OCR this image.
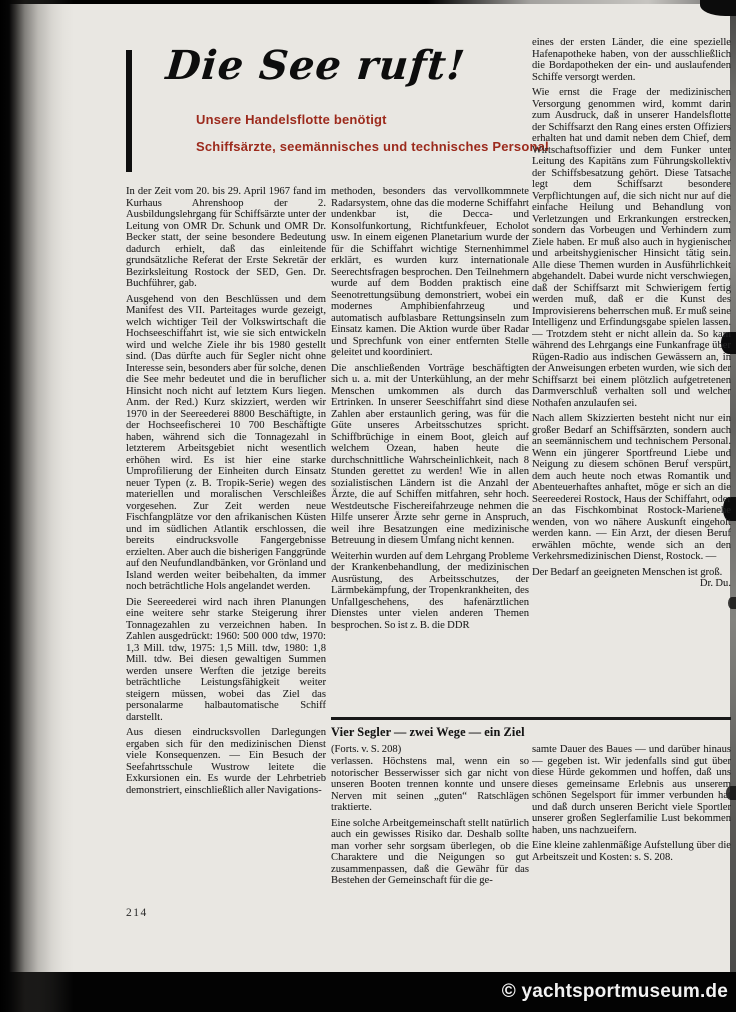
Die See ruft!

Unsere Handelsflotte benötigt

Schiffsärzte, seemännisches und technisches Personal

In der Zeit vom 20. bis 29. April 1967 fand im Kurhaus Ahrenshoop der 2. Ausbildungslehrgang für Schiffsärzte unter der Leitung von OMR Dr. Schunk und OMR Dr. Becker statt, der seine besondere Bedeutung dadurch erhielt, daß das einleitende grundsätzliche Referat der Erste Sekretär der Bezirksleitung Rostock der SED, Gen. Dr. Buchführer, gab.

Ausgehend von den Beschlüssen und dem Manifest des VII. Parteitages wurde gezeigt, welch wichtiger Teil der Volkswirtschaft die Hochseeschiffahrt ist, wie sie sich entwickeln wird und welche Ziele ihr bis 1980 gestellt sind. (Das dürfte auch für Segler nicht ohne Interesse sein, besonders aber für solche, denen die See mehr bedeutet und die in beruflicher Hinsicht noch nicht auf letztem Kurs liegen. Anm. der Red.) Kurz skizziert, werden wir 1970 in der Seereederei 8800 Beschäftigte, in der Hochseefischerei 10 700 Beschäftigte haben, während sich die Tonnagezahl in letzterem Arbeitsgebiet nicht wesentlich erhöhen wird. Es ist hier eine starke Umprofilierung der Einheiten durch Einsatz neuer Typen (z. B. Tropik-Serie) wegen des materiellen und moralischen Verschleißes vorgesehen. Zur Zeit werden neue Fischfangplätze vor den afrikanischen Küsten und im südlichen Atlantik erschlossen, die bereits eindrucksvolle Fangergebnisse erzielten. Aber auch die bisherigen Fanggründe auf den Neufundlandbänken, vor Grönland und Island werden weiter beibehalten, da immer noch beträchtliche Hols angelandet werden.

Die Seereederei wird nach ihren Planungen eine weitere sehr starke Steigerung ihrer Tonnagezahlen zu verzeichnen haben. In Zahlen ausgedrückt: 1960: 500 000 tdw, 1970: 1,3 Mill. tdw, 1975: 1,5 Mill. tdw, 1980: 1,8 Mill. tdw. Bei diesen gewaltigen Summen werden unsere Werften die jetzige bereits beträchtliche Leistungsfähigkeit weiter steigern müssen, wobei das Ziel das personalarme halbautomatische Schiff darstellt.

Aus diesen eindrucksvollen Darlegungen ergaben sich für den medizinischen Dienst viele Konsequenzen. — Ein Besuch der Seefahrtsschule Wustrow leitete die Exkursionen ein. Es wurde der Lehrbetrieb demonstriert, einschließlich aller Navigations-

methoden, besonders das vervollkommnete Radarsystem, ohne das die moderne Schiffahrt undenkbar ist, die Decca- und Konsolfunkortung, Richtfunkfeuer, Echolot usw. In einem eigenen Planetarium wurde der für die Schiffahrt wichtige Sternenhimmel erklärt, es wurden kurz internationale Seerechtsfragen besprochen. Den Teilnehmern wurde auf dem Bodden praktisch eine Seenotrettungsübung demonstriert, wobei ein modernes Amphibienfahrzeug und automatisch aufblasbare Rettungsinseln zum Einsatz kamen. Die Aktion wurde über Radar und Sprechfunk von einer entfernten Stelle geleitet und koordiniert.

Die anschließenden Vorträge beschäftigten sich u. a. mit der Unterkühlung, an der mehr Menschen umkommen als durch das Ertrinken. In unserer Seeschiffahrt sind diese Zahlen aber erstaunlich gering, was für die Güte unseres Arbeitsschutzes spricht. Schiffbrüchige in einem Boot, gleich auf welchem Ozean, haben heute die durchschnittliche Wahrscheinlichkeit, nach 8 Stunden gerettet zu werden! Wie in allen sozialistischen Ländern ist die Anzahl der Ärzte, die auf Schiffen mitfahren, sehr hoch. Westdeutsche Fischereifahrzeuge nehmen die Hilfe unserer Ärzte sehr gerne in Anspruch, weil ihre Besatzungen eine medizinische Betreuung in diesem Umfang nicht kennen.

Weiterhin wurden auf dem Lehrgang Probleme der Krankenbehandlung, der medizinischen Ausrüstung, des Arbeitsschutzes, der Lärmbekämpfung, der Tropenkrankheiten, des Unfallgeschehens, des hafenärztlichen Dienstes unter vielen anderen Themen besprochen. So ist z. B. die DDR

eines der ersten Länder, die eine spezielle Hafenapotheke haben, von der ausschließlich die Bordapotheken der ein- und auslaufenden Schiffe versorgt werden.

Wie ernst die Frage der medizinischen Versorgung genommen wird, kommt darin zum Ausdruck, daß in unserer Handelsflotte der Schiffsarzt den Rang eines ersten Offiziers erhalten hat und damit neben dem Chief, dem Wirtschaftsoffizier und dem Funker unter Leitung des Kapitäns zum Führungskollektiv der Schiffsbesatzung gehört. Diese Tatsache legt dem Schiffsarzt besondere Verpflichtungen auf, die sich nicht nur auf die einfache Heilung und Behandlung von Verletzungen und Erkrankungen erstrecken, sondern das Vorbeugen und Verhindern zum Ziele haben. Er muß also auch in hygienischer und arbeitshygienischer Hinsicht tätig sein. Alle diese Themen wurden in Ausführlichkeit abgehandelt. Dabei wurde nicht verschwiegen, daß der Schiffsarzt mit Schwierigem fertig werden muß, daß er die Kunst des Improvisierens beherrschen muß. Er muß seine Intelligenz und Erfindungsgabe spielen lassen. — Trotzdem steht er nicht allein da. So kam während des Lehrgangs eine Funkanfrage über Rügen-Radio aus indischen Gewässern an, in der Anweisungen erbeten wurden, wie sich der Schiffsarzt bei einem plötzlich aufgetretenen Darmverschluß verhalten soll und welcher Nothafen anzulaufen sei.

Nach allem Skizzierten besteht nicht nur ein großer Bedarf an Schiffsärzten, sondern auch an seemännischem und technischem Personal. Wenn ein jüngerer Sportfreund Liebe und Neigung zu diesem schönen Beruf verspürt, dem auch heute noch etwas Romantik und Abenteuerhaftes anhaftet, möge er sich an die Seereederei Rostock, Haus der Schiffahrt, oder an das Fischkombinat Rostock-Marienehe wenden, von wo nähere Auskunft eingeholt werden kann. — Ein Arzt, der diesen Beruf erwählen möchte, wende sich an den Verkehrsmedizinischen Dienst, Rostock. —

Der Bedarf an geeigneten Menschen ist groß.
Dr. Du.

Vier Segler — zwei Wege — ein Ziel

(Forts. v. S. 208)

verlassen. Höchstens mal, wenn ein so notorischer Besserwisser sich gar nicht von unseren Booten trennen konnte und unsere Nerven mit seinen „guten“ Ratschlägen traktierte.

Eine solche Arbeitgemeinschaft stellt natürlich auch ein gewisses Risiko dar. Deshalb sollte man vorher sehr sorgsam überlegen, ob die Charaktere und die Neigungen so gut zusammenpassen, daß die Gewähr für das Bestehen der Gemeinschaft für die ge-

samte Dauer des Baues — und darüber hinaus — gegeben ist. Wir jedenfalls sind gut über diese Hürde gekommen und hoffen, daß uns dieses gemeinsame Erlebnis aus unserem schönen Segelsport für immer verbunden hat und daß durch unseren Bericht viele Sportler unserer großen Seglerfamilie Lust bekommen haben, uns nachzueifern.

Eine kleine zahlenmäßige Aufstellung über die Arbeitszeit und Kosten: s. S. 208.

214
© yachtsportmuseum.de
